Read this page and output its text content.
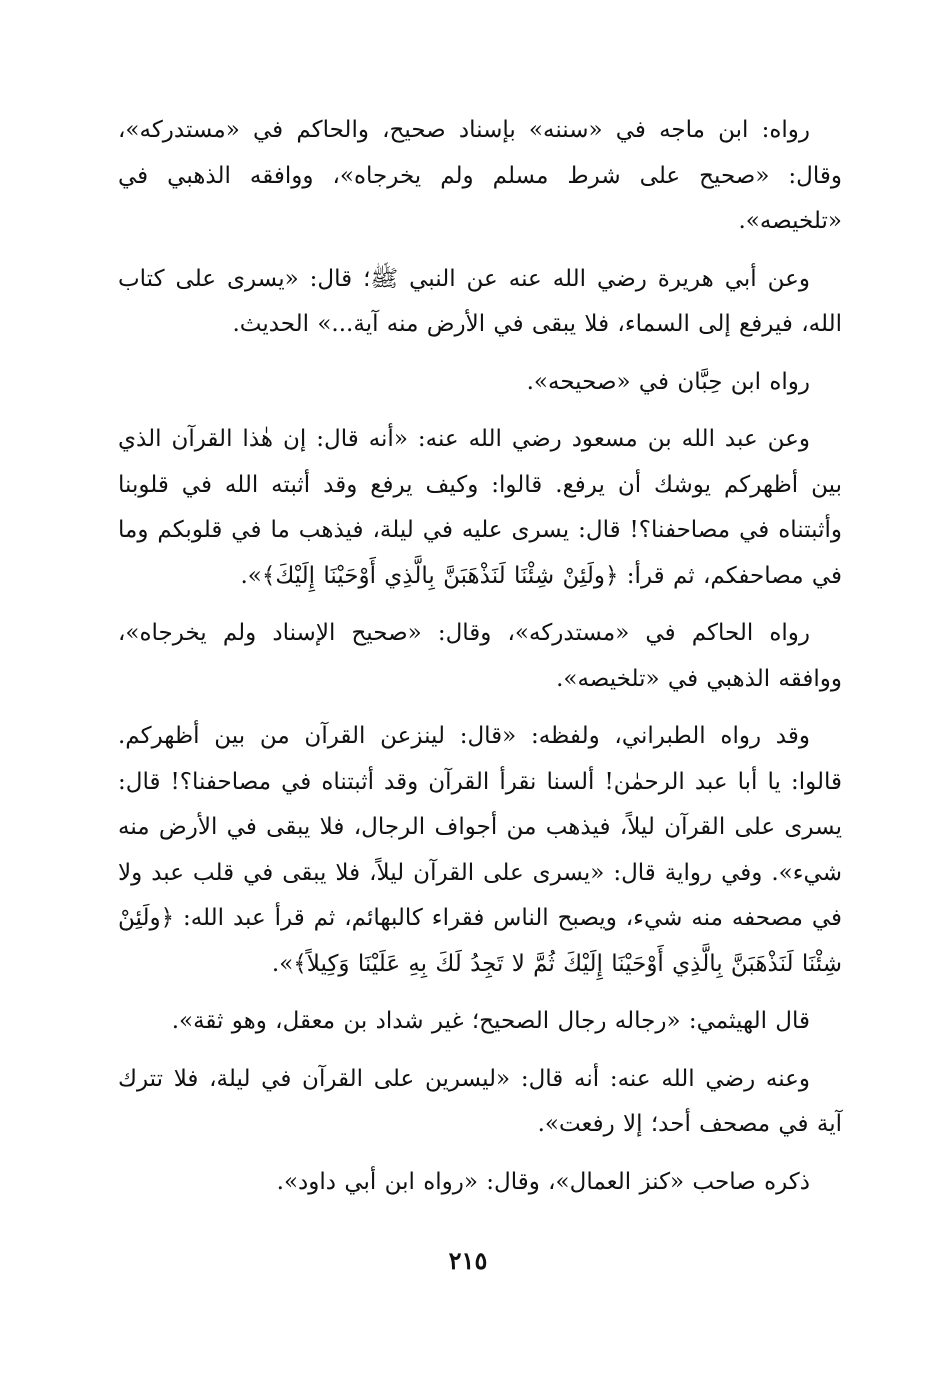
رواه: ابن ماجه في «سننه» بإسناد صحيح، والحاكم في «مستدركه»، وقال: «صحيح على شرط مسلم ولم يخرجاه»، ووافقه الذهبي في «تلخيصه».

وعن أبي هريرة رضي الله عنه عن النبي ﷺ؛ قال: «يسرى على كتاب الله، فيرفع إلى السماء، فلا يبقى في الأرض منه آية...» الحديث.

رواه ابن حِبَّان في «صحيحه».

وعن عبد الله بن مسعود رضي الله عنه: «أنه قال: إن هٰذا القرآن الذي بين أظهركم يوشك أن يرفع. قالوا: وكيف يرفع وقد أثبته الله في قلوبنا وأثبتناه في مصاحفنا؟! قال: يسرى عليه في ليلة، فيذهب ما في قلوبكم وما في مصاحفكم، ثم قرأ: ﴿ولَئِنْ شِئْنَا لَنَذْهَبَنَّ بِالَّذِي أَوْحَيْنَا إِلَيْكَ﴾».

رواه الحاكم في «مستدركه»، وقال: «صحيح الإسناد ولم يخرجاه»، ووافقه الذهبي في «تلخيصه».

وقد رواه الطبراني، ولفظه: «قال: لينزعن القرآن من بين أظهركم. قالوا: يا أبا عبد الرحمٰن! ألسنا نقرأ القرآن وقد أثبتناه في مصاحفنا؟! قال: يسرى على القرآن ليلاً، فيذهب من أجواف الرجال، فلا يبقى في الأرض منه شيء». وفي رواية قال: «يسرى على القرآن ليلاً، فلا يبقى في قلب عبد ولا في مصحفه منه شيء، ويصبح الناس فقراء كالبهائم، ثم قرأ عبد الله: ﴿ولَئِنْ شِئْنَا لَنَذْهَبَنَّ بِالَّذِي أَوْحَيْنَا إِلَيْكَ ثُمَّ لا تَجِدُ لَكَ بِهِ عَلَيْنَا وَكِيلاً﴾».

قال الهيثمي: «رجاله رجال الصحيح؛ غير شداد بن معقل، وهو ثقة».

وعنه رضي الله عنه: أنه قال: «ليسرين على القرآن في ليلة، فلا تترك آية في مصحف أحد؛ إلا رفعت».

ذكره صاحب «كنز العمال»، وقال: «رواه ابن أبي داود».

٢١٥
